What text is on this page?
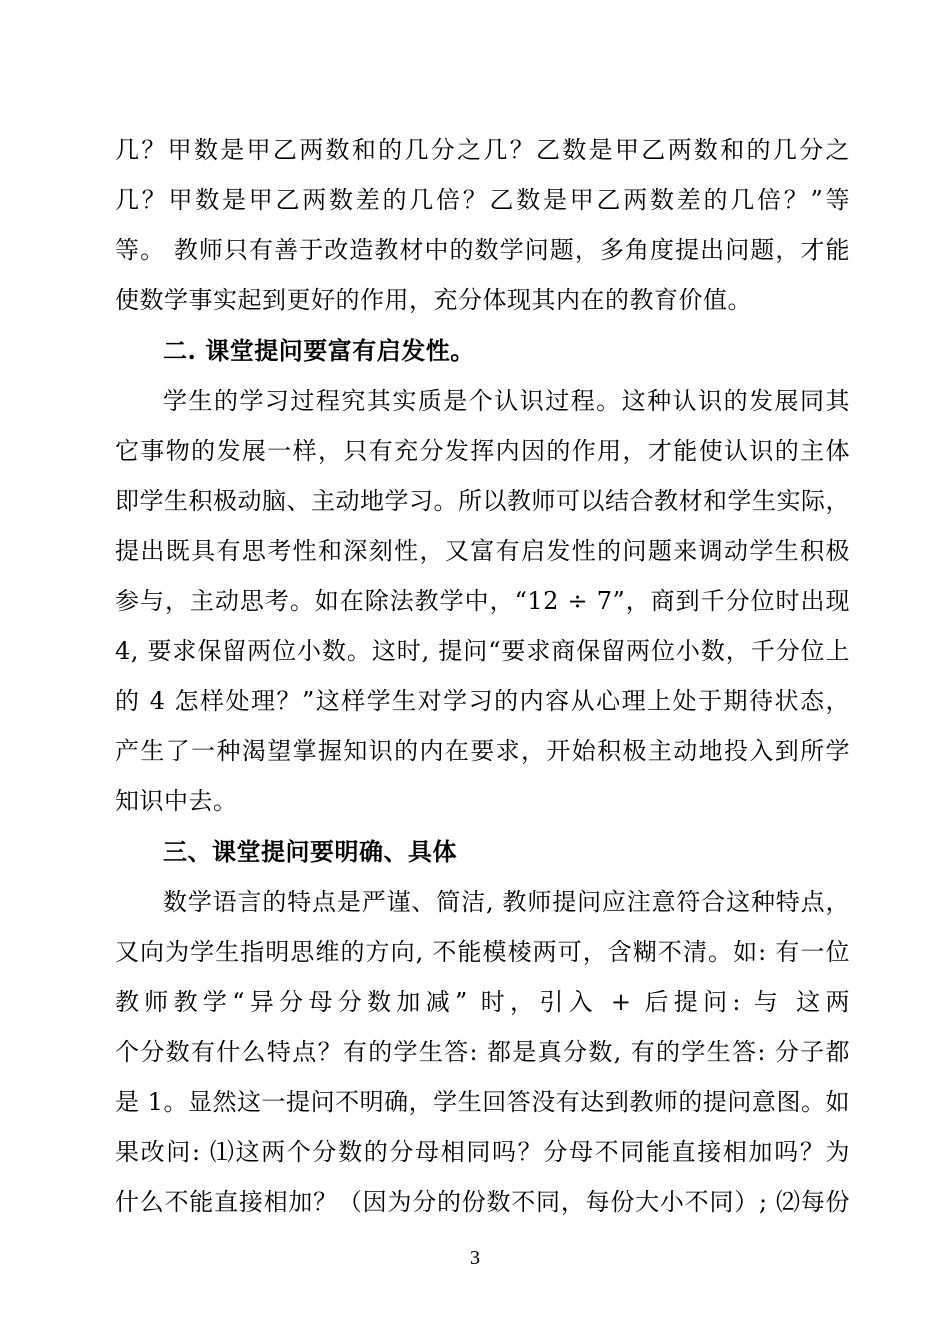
几？甲数是甲乙两数和的几分之几？乙数是甲乙两数和的几分之
几？甲数是甲乙两数差的几倍？乙数是甲乙两数差的几倍？”等
等。 教师只有善于改造教材中的数学问题，多角度提出问题，才能
使数学事实起到更好的作用，充分体现其内在的教育价值。
二. 课堂提问要富有启发性。
学生的学习过程究其实质是个认识过程。这种认识的发展同其
它事物的发展一样，只有充分发挥内因的作用，才能使认识的主体
即学生积极动脑、主动地学习。所以教师可以结合教材和学生实际，
提出既具有思考性和深刻性，又富有启发性的问题来调动学生积极
参与，主动思考。如在除法教学中，“12 ÷ 7”，商到千分位时出现
4, 要求保留两位小数。这时, 提问“要求商保留两位小数，千分位上
的 4 怎样处理？”这样学生对学习的内容从心理上处于期待状态，
产生了一种渴望掌握知识的内在要求，开始积极主动地投入到所学
知识中去。
三、课堂提问要明确、具体
数学语言的特点是严谨、简洁, 教师提问应注意符合这种特点，
又向为学生指明思维的方向, 不能模棱两可，含糊不清。如: 有一位
教师教学“异分母分数加减” 时，引入 + 后提问: 与 这两
个分数有什么特点？有的学生答: 都是真分数, 有的学生答: 分子都
是 1。显然这一提问不明确，学生回答没有达到教师的提问意图。如
果改问: ⑴这两个分数的分母相同吗？分母不同能直接相加吗？为
什么不能直接相加？（因为分的份数不同，每份大小不同）; ⑵每份
3
